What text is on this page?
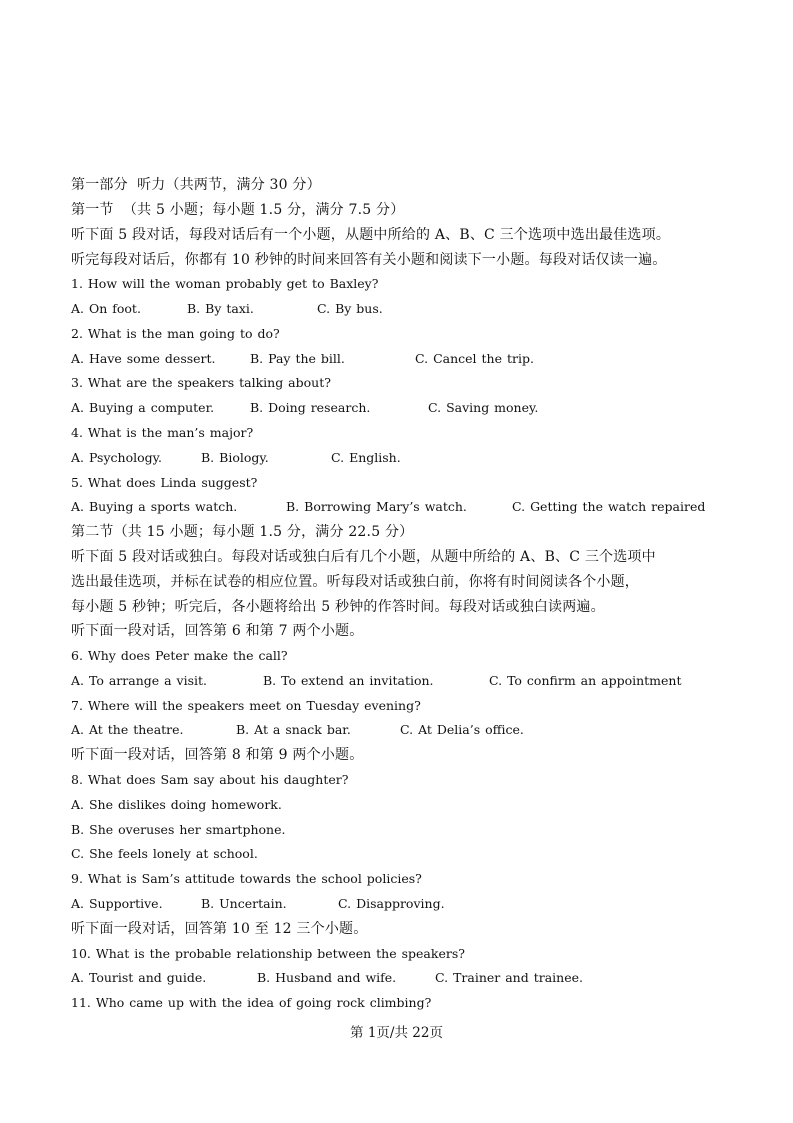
第一部分  听力（共两节，满分 30 分）
第一节  （共 5 小题；每小题 1.5 分，满分 7.5 分）
听下面 5 段对话，每段对话后有一个小题，从题中所给的 A、B、C 三个选项中选出最佳选项。
听完每段对话后，你都有 10 秒钟的时间来回答有关小题和阅读下一小题。每段对话仅读一遍。
1. How will the woman probably get to Baxley?
A. On foot.	B. By taxi.	C. By bus.
2. What is the man going to do?
A. Have some dessert.	B. Pay the bill.	C. Cancel the trip.
3. What are the speakers talking about?
A. Buying a computer.	B. Doing research.	C. Saving money.
4. What is the man’s major?
A. Psychology.	B. Biology.	C. English.
5. What does Linda suggest?
A. Buying a sports watch.	B. Borrowing Mary’s watch.	C. Getting the watch repaired
第二节（共 15 小题；每小题 1.5 分，满分 22.5 分）
听下面 5 段对话或独白。每段对话或独白后有几个小题，从题中所给的 A、B、C 三个选项中
选出最佳选项，并标在试卷的相应位置。听每段对话或独白前，你将有时间阅读各个小题，
每小题 5 秒钟；听完后，各小题将给出 5 秒钟的作答时间。每段对话或独白读两遍。
听下面一段对话，回答第 6 和第 7 两个小题。
6. Why does Peter make the call?
A. To arrange a visit.	B. To extend an invitation.	C. To confirm an appointment
7. Where will the speakers meet on Tuesday evening?
A. At the theatre.	B. At a snack bar.	C. At Delia’s office.
听下面一段对话，回答第 8 和第 9 两个小题。
8. What does Sam say about his daughter?
A. She dislikes doing homework.
B. She overuses her smartphone.
C. She feels lonely at school.
9. What is Sam’s attitude towards the school policies?
A. Supportive.	B. Uncertain.	C. Disapproving.
听下面一段对话，回答第 10 至 12 三个小题。
10. What is the probable relationship between the speakers?
A. Tourist and guide.	B. Husband and wife.	C. Trainer and trainee.
11. Who came up with the idea of going rock climbing?
第 1页/共 22页
